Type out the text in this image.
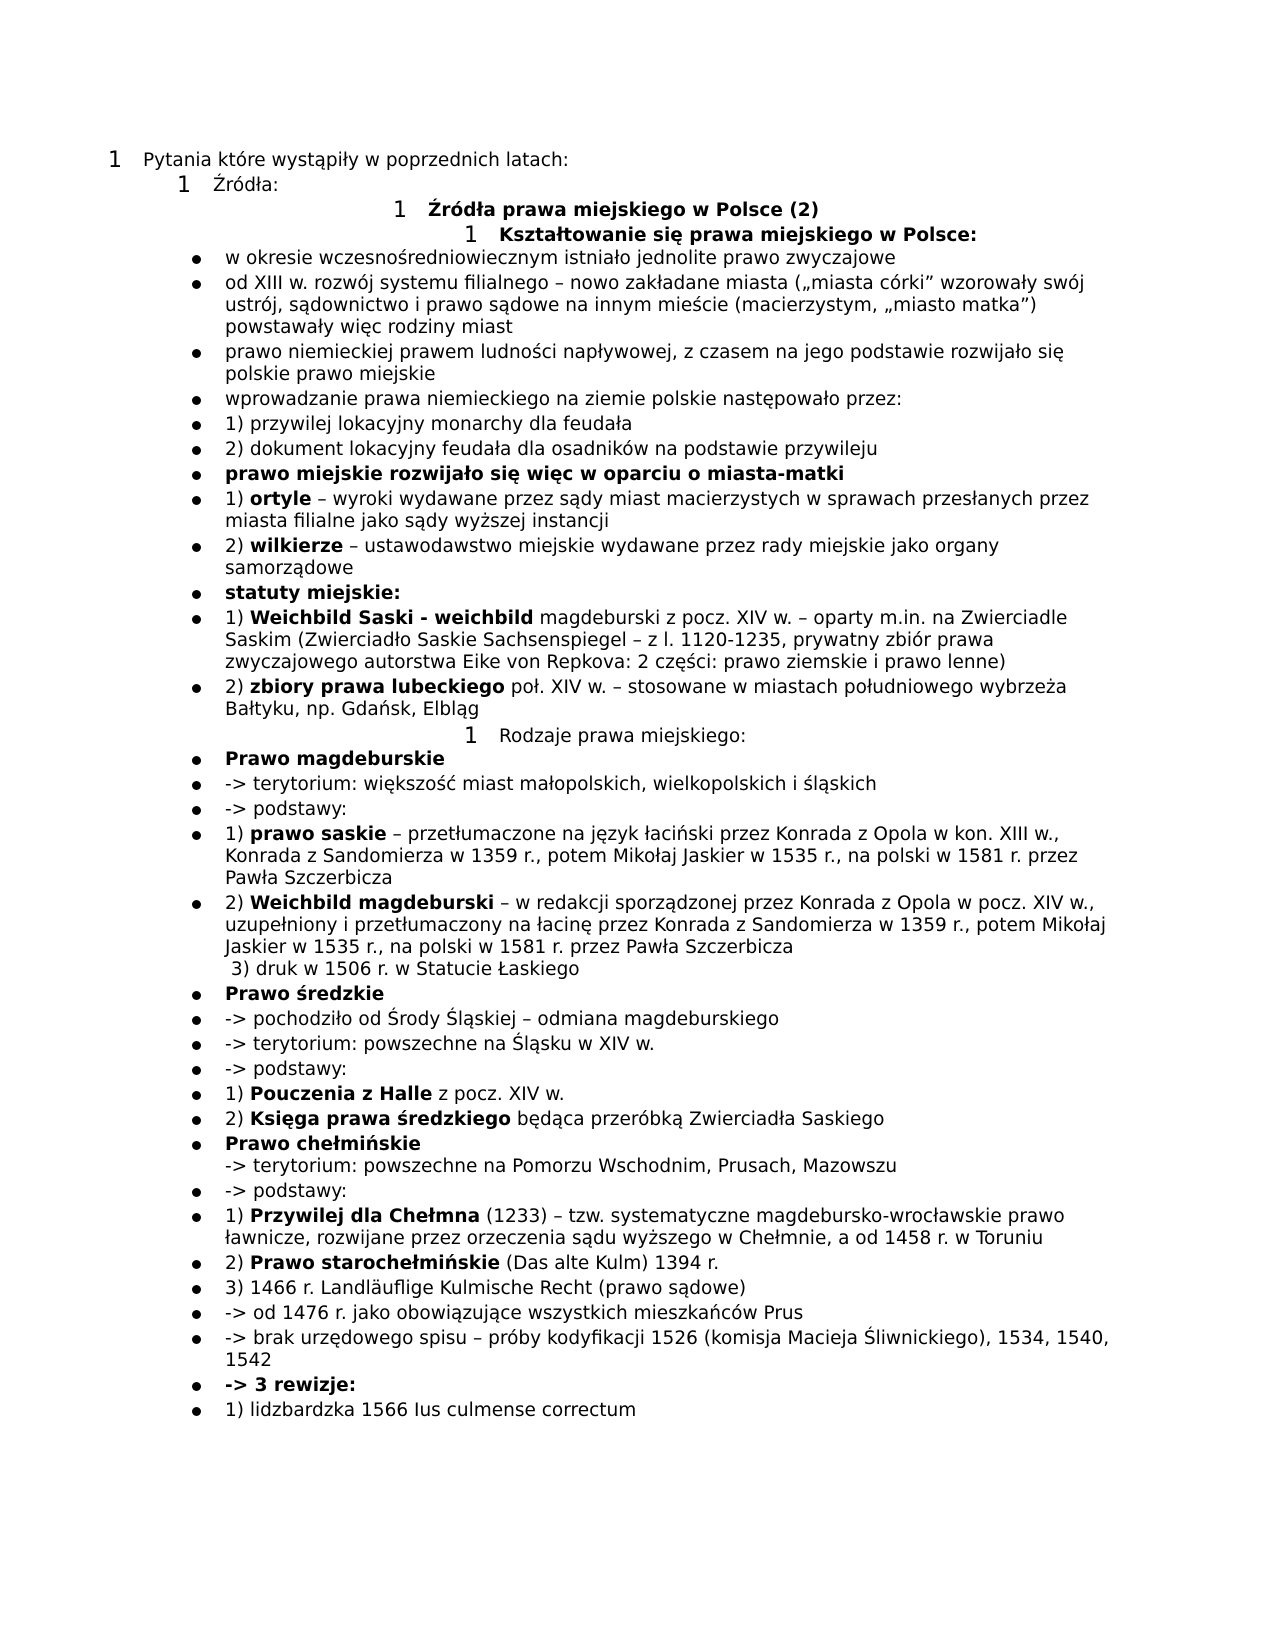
1 Pytania które wystąpiły w poprzednich latach:
1 Źródła:
1 Źródła prawa miejskiego w Polsce (2)
1 Kształtowanie się prawa miejskiego w Polsce:
w okresie wczesnośredniowiecznym istniało jednolite prawo zwyczajowe
od XIII w. rozwój systemu filialnego – nowo zakładane miasta („miasta córki” wzorowały swój ustrój, sądownictwo i prawo sądowe na innym mieście (macierzystym, „miasto matka”) powstawały więc rodziny miast
prawo niemieckiej prawem ludności napływowej, z czasem na jego podstawie rozwijało się polskie prawo miejskie
wprowadzanie prawa niemieckiego na ziemie polskie następowało przez:
1) przywilej lokacyjny monarchy dla feudała
2) dokument lokacyjny feudała dla osadników na podstawie przywileju
prawo miejskie rozwijało się więc w oparciu o miasta-matki
1) ortyle – wyroki wydawane przez sądy miast macierzystych w sprawach przesłanych przez miasta filialne jako sądy wyższej instancji
2) wilkierze – ustawodawstwo miejskie wydawane przez rady miejskie jako organy samorządowe
statuty miejskie:
1) Weichbild Saski - weichbild magdeburski z pocz. XIV w. – oparty m.in. na Zwierciadle Saskim (Zwierciadło Saskie Sachsenspiegel – z l. 1120-1235, prywatny zbiór prawa zwyczajowego autorstwa Eike von Repkova: 2 części: prawo ziemskie i prawo lenne)
2) zbiory prawa lubeckiego poł. XIV w. – stosowane w miastach południowego wybrzeża Bałtyku, np. Gdańsk, Elbląg
1 Rodzaje prawa miejskiego:
Prawo magdeburskie
-> terytorium: większość miast małopolskich, wielkopolskich i śląskich
-> podstawy:
1) prawo saskie – przetłumaczone na język łaciński przez Konrada z Opola w kon. XIII w., Konrada z Sandomierza w 1359 r., potem Mikołaj Jaskier w 1535 r., na polski w 1581 r. przez Pawła Szczerbicza
2) Weichbild magdeburski – w redakcji sporządzonej przez Konrada z Opola w pocz. XIV w., uzupełniony i przetłumaczony na łacinę przez Konrada z Sandomierza w 1359 r., potem Mikołaj Jaskier w 1535 r., na polski w 1581 r. przez Pawła Szczerbicza
3) druk w 1506 r. w Statucie Łaskiego
Prawo średzkie
-> pochodziło od Środy Śląskiej – odmiana magdeburskiego
-> terytorium: powszechne na Śląsku w XIV w.
-> podstawy:
1) Pouczenia z Halle z pocz. XIV w.
2) Księga prawa średzkiego będąca przeróbką Zwierciadła Saskiego
Prawo chełmińskie
-> terytorium: powszechne na Pomorzu Wschodnim, Prusach, Mazowszu
-> podstawy:
1) Przywilej dla Chełmna (1233) – tzw. systematyczne magdebursko-wrocławskie prawo ławnicze, rozwijane przez orzeczenia sądu wyższego w Chełmnie, a od 1458 r. w Toruniu
2) Prawo starochełmińskie (Das alte Kulm) 1394 r.
3) 1466 r. Landläuflige Kulmische Recht (prawo sądowe)
-> od 1476 r. jako obowiązujące wszystkich mieszkańców Prus
-> brak urzędowego spisu – próby kodyfikacji 1526 (komisja Macieja Śliwnickiego), 1534, 1540, 1542
-> 3 rewizje:
1) lidzbardzka 1566 Ius culmense correctum
